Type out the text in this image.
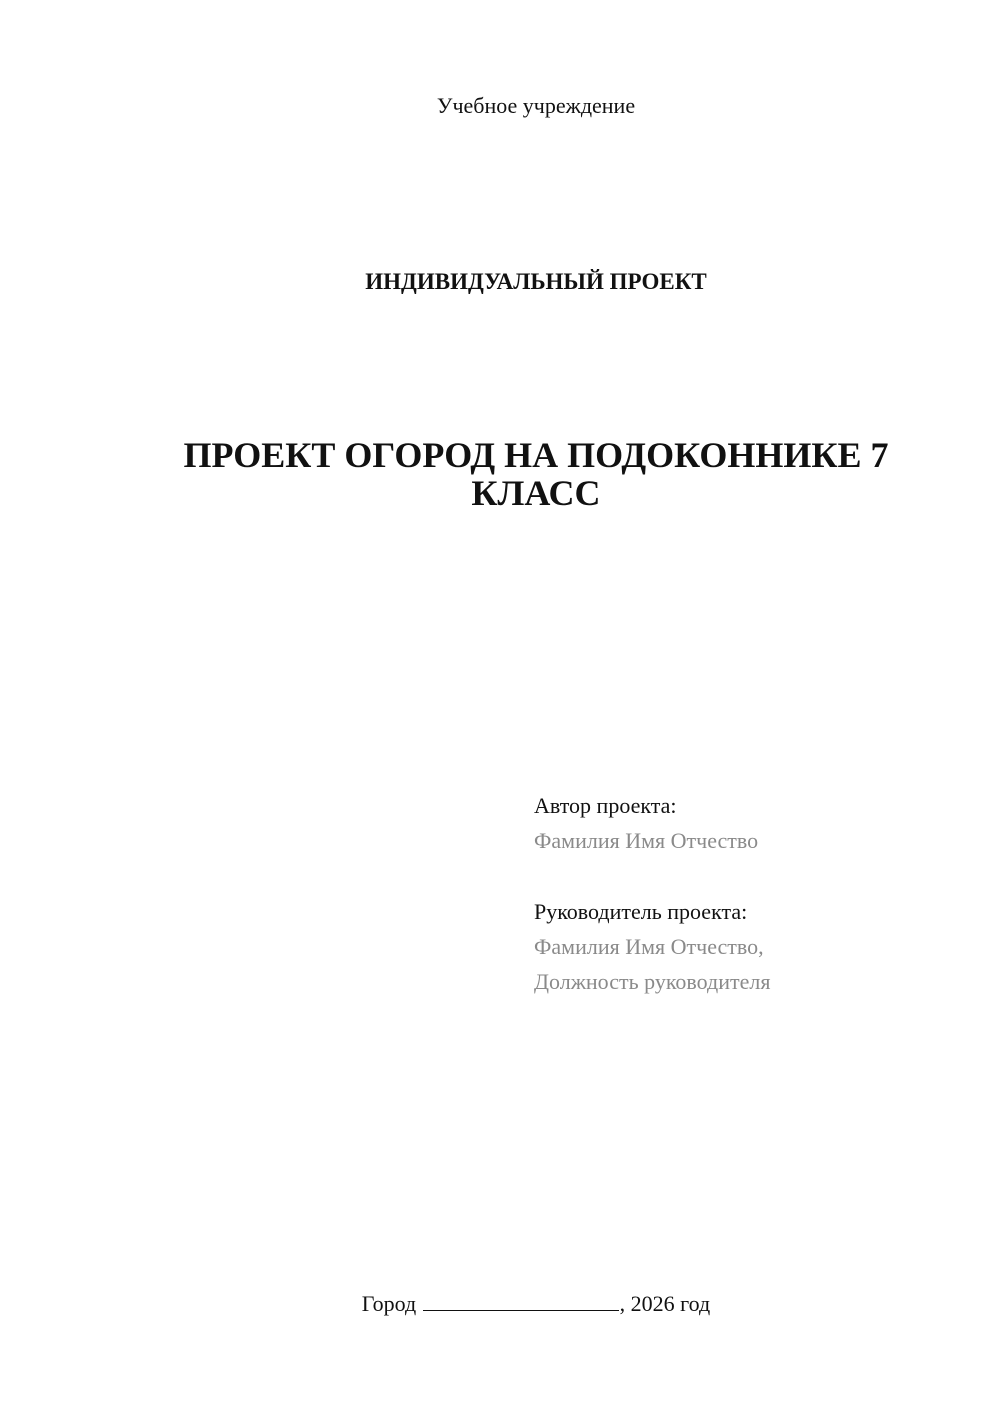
Учебное учреждение
ИНДИВИДУАЛЬНЫЙ ПРОЕКТ
ПРОЕКТ ОГОРОД НА ПОДОКОННИКЕ 7
КЛАСС
Автор проекта:
Фамилия Имя Отчество
Руководитель проекта:
Фамилия Имя Отчество,
Должность руководителя
Город	, 2026 год
